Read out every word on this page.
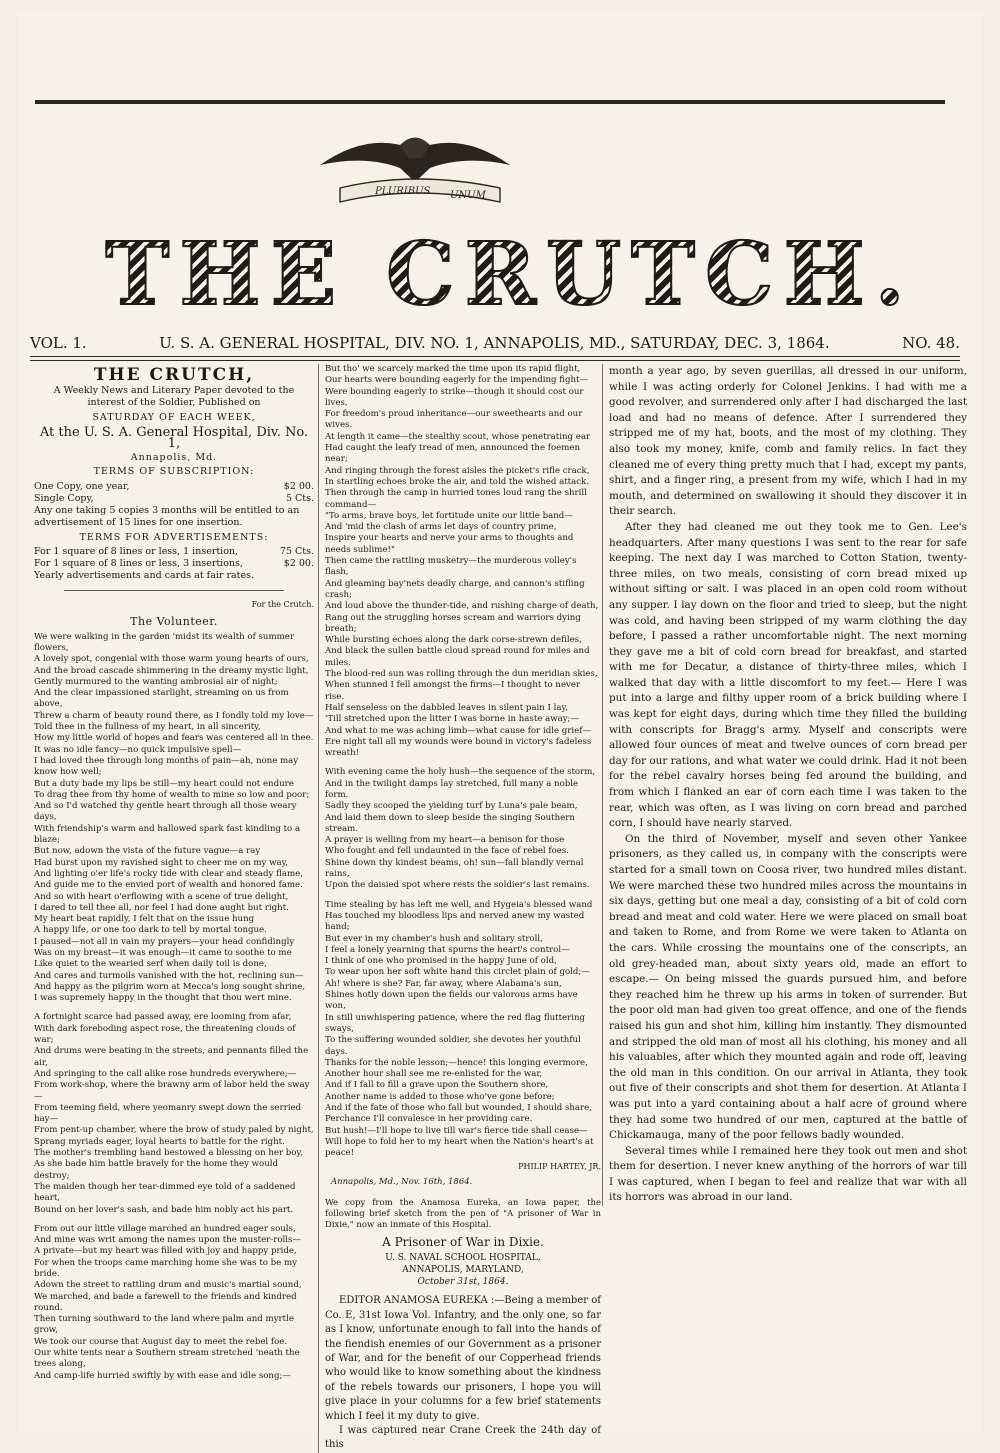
PLURIBUS UNUM
THE CRUTCH.
VOL. 1.	U. S. A. GENERAL HOSPITAL, DIV. NO. 1, ANNAPOLIS, MD., SATURDAY, DEC. 3, 1864.	NO. 48.
THE CRUTCH,
A Weekly News and Literary Paper devoted to the interest of the Soldier, Published on
SATURDAY OF EACH WEEK,
At the U. S. A. General Hospital, Div. No. 1,
Annapolis, Md.
TERMS OF SUBSCRIPTION:
One Copy, one year,	$2 00.
Single Copy,	5 Cts.
Any one taking 5 copies 3 months will be entitled to an advertisement of 15 lines for one insertion.
TERMS FOR ADVERTISEMENTS:
For 1 square of 8 lines or less, 1 insertion,	75 Cts.
For 1 square of 8 lines or less, 3 insertions,	$2 00.
Yearly advertisements and cards at fair rates.
For the Crutch.
The Volunteer.

We were walking in the garden 'midst its wealth of summer flowers,

A lovely spot, congenial with those warm young hearts of ours,

And the broad cascade shimmering in the dreamy mystic light,

Gently murmured to the wanting ambrosial air of night;

And the clear impassioned starlight, streaming on us from above,

Threw a charm of beauty round there, as I fondly told my love—

Told thee in the fullness of my heart, in all sincerity,

How my little world of hopes and fears was centered all in thee.

It was no idle fancy—no quick impulsive spell—

I had loved thee through long months of pain—ah, none may know how well;

But a duty bade my lips be still—my heart could not endure

To drag thee from thy home of wealth to mine so low and poor;

And so I'd watched thy gentle heart through all those weary days,

With friendship's warm and hallowed spark fast kindling to a blaze;

But now, adown the vista of the future vague—a ray

Had burst upon my ravished sight to cheer me on my way,

And lighting o'er life's rocky tide with clear and steady flame,

And guide me to the envied port of wealth and honored fame.

And so with heart o'erflowing with a scene of true delight,

I dared to tell thee all, nor feel I had done aught but right.

My heart beat rapidly, I felt that on the issue hung

A happy life, or one too dark to tell by mortal tongue.

I paused—not all in vain my prayers—your head confidingly

Was on my breast—it was enough—it came to soothe to me

Like quiet to the wearied serf when daily toil is done,

And cares and turmoils vanished with the hot, reclining sun—

And happy as the pilgrim worn at Mecca's long sought shrine,

I was supremely happy in the thought that thou wert mine.

A fortnight scarce had passed away, ere looming from afar,

With dark foreboding aspect rose, the threatening clouds of war;

And drums were beating in the streets, and pennants filled the air,

And springing to the call alike rose hundreds everywhere;—

From work-shop, where the brawny arm of labor held the sway—

From teeming field, where yeomanry swept down the serried hay—

From pent-up chamber, where the brow of study paled by night,

Sprang myriads eager, loyal hearts to battle for the right.

The mother's trembling hand bestowed a blessing on her boy,

As she bade him battle bravely for the home they would destroy;

The maiden though her tear-dimmed eye told of a saddened heart,

Bound on her lover's sash, and bade him nobly act his part.

From out our little village marched an hundred eager souls,

And mine was writ among the names upon the muster-rolls—

A private—but my heart was filled with joy and happy pride,

For when the troops came marching home she was to be my bride.

Adown the street to rattling drum and music's martial sound,

We marched, and bade a farewell to the friends and kindred round.

Then turning southward to the land where palm and myrtle grow,

We took our course that August day to meet the rebel foe.

Our white tents near a Southern stream stretched 'neath the trees along,

And camp-life hurried swiftly by with ease and idle song;—

But tho' we scarcely marked the time upon its rapid flight,

Our hearts were bounding eagerly for the impending fight—

Were bounding eagerly to strike—though it should cost our lives,

For freedom's proud inheritance—our sweethearts and our wives.

At length it came—the stealthy scout, whose penetrating ear

Had caught the leafy tread of men, announced the foemen near;

And ringing through the forest aisles the picket's rifle crack,

In startling echoes broke the air, and told the wished attack.

Then through the camp in hurried tones loud rang the shrill command—

"To arms, brave boys, let fortitude unite our little band—

And 'mid the clash of arms let days of country prime,

Inspire your hearts and nerve your arms to thoughts and needs sublime!"

Then came the rattling musketry—the murderous volley's flash,

And gleaming bay'nets deadly charge, and cannon's stifling crash;

And loud above the thunder-tide, and rushing charge of death,

Rang out the struggling horses scream and warriors dying breath;

While bursting echoes along the dark corse-strewn defiles,

And black the sullen battle cloud spread round for miles and miles.

The blood-red sun was rolling through the dun meridian skies,

When stunned I fell amongst the firms—I thought to never rise.

Half senseless on the dabbled leaves in silent pain I lay,

'Till stretched upon the litter I was borne in haste away;—

And what to me was aching limb—what cause for idle grief—

Ere night tall all my wounds were bound in victory's fadeless wreath!

With evening came the holy hush—the sequence of the storm,

And in the twilight damps lay stretched, full many a noble form.

Sadly they scooped the yielding turf by Luna's pale beam,

And laid them down to sleep beside the singing Southern stream.

A prayer is welling from my heart—a benison for those

Who fought and fell undaunted in the face of rebel foes.

Shine down thy kindest beams, oh! sun—fall blandly vernal rains,

Upon the daisied spot where rests the soldier's last remains.

Time stealing by has left me well, and Hygeia's blessed wand

Has touched my bloodless lips and nerved anew my wasted hand;

But ever in my chamber's hush and solitary stroll,

I feel a lonely yearning that spurns the heart's control—

I think of one who promised in the happy June of old,

To wear upon her soft white hand this circlet plain of gold;—

Ah! where is she? Far, far away, where Alabama's sun,

Shines hotly down upon the fields our valorous arms have won,

In still unwhispering patience, where the red flag fluttering sways,

To the suffering wounded soldier, she devotes her youthful days.

Thanks for the noble lesson;—hence! this longing evermore,

Another hour shall see me re-enlisted for the war,

And if I fall to fill a grave upon the Southern shore,

Another name is added to those who've gone before;

And if the fate of those who fall but wounded, I should share,

Perchance I'll convalesce in her providing care.

But hush!—I'll hope to live till war's fierce tide shall cease—

Will hope to fold her to my heart when the Nation's heart's at peace!

PHILIP HARTEY, JR.
Annapolis, Md., Nov. 16th, 1864.
We copy from the Anamosa Eureka, an Iowa paper, the following brief sketch from the pen of "A prisoner of War in Dixie," now an inmate of this Hospital.
A Prisoner of War in Dixie.
U. S. NAVAL SCHOOL HOSPITAL,
ANNAPOLIS, MARYLAND,
October 31st, 1864.

EDITOR ANAMOSA EUREKA :—Being a member of Co. E, 31st Iowa Vol. Infantry, and the only one, so far as I know, unfortunate enough to fall into the hands of the fiendish enemies of our Government as a prisoner of War, and for the benefit of our Copperhead friends who would like to know something about the kindness of the rebels towards our prisoners, I hope you will give place in your columns for a few brief statements which I feel it my duty to give.

I was captured near Crane Creek the 24th day of this

month a year ago, by seven guerillas, all dressed in our uniform, while I was acting orderly for Colonel Jenkins. I had with me a good revolver, and surrendered only after I had discharged the last load and had no means of defence. After I surrendered they stripped me of my hat, boots, and the most of my clothing. They also took my money, knife, comb and family relics. In fact they cleaned me of every thing pretty much that I had, except my pants, shirt, and a finger ring, a present from my wife, which I had in my mouth, and determined on swallowing it should they discover it in their search.

After they had cleaned me out they took me to Gen. Lee's headquarters. After many questions I was sent to the rear for safe keeping. The next day I was marched to Cotton Station, twenty-three miles, on two meals, consisting of corn bread mixed up without sifting or salt. I was placed in an open cold room without any supper. I lay down on the floor and tried to sleep, but the night was cold, and having been stripped of my warm clothing the day before, I passed a rather uncomfortable night. The next morning they gave me a bit of cold corn bread for breakfast, and started with me for Decatur, a distance of thirty-three miles, which I walked that day with a little discomfort to my feet.— Here I was put into a large and filthy upper room of a brick building where I was kept for eight days, during which time they filled the building with conscripts for Bragg's army. Myself and conscripts were allowed four ounces of meat and twelve ounces of corn bread per day for our rations, and what water we could drink. Had it not been for the rebel cavalry horses being fed around the building, and from which I flanked an ear of corn each time I was taken to the rear, which was often, as I was living on corn bread and parched corn, I should have nearly starved.

On the third of November, myself and seven other Yankee prisoners, as they called us, in company with the conscripts were started for a small town on Coosa river, two hundred miles distant. We were marched these two hundred miles across the mountains in six days, getting but one meal a day, consisting of a bit of cold corn bread and meat and cold water. Here we were placed on small boat and taken to Rome, and from Rome we were taken to Atlanta on the cars. While crossing the mountains one of the conscripts, an old grey-headed man, about sixty years old, made an effort to escape.— On being missed the guards pursued him, and before they reached him he threw up his arms in token of surrender. But the poor old man had given too great offence, and one of the fiends raised his gun and shot him, killing him instantly. They dismounted and stripped the old man of most all his clothing, his money and all his valuables, after which they mounted again and rode off, leaving the old man in this condition. On our arrival in Atlanta, they took out five of their conscripts and shot them for desertion. At Atlanta I was put into a yard containing about a half acre of ground where they had some two hundred of our men, captured at the battle of Chickamauga, many of the poor fellows badly wounded.

Several times while I remained here they took out men and shot them for desertion. I never knew anything of the horrors of war till I was captured, when I began to feel and realize that war with all its horrors was abroad in our land.
